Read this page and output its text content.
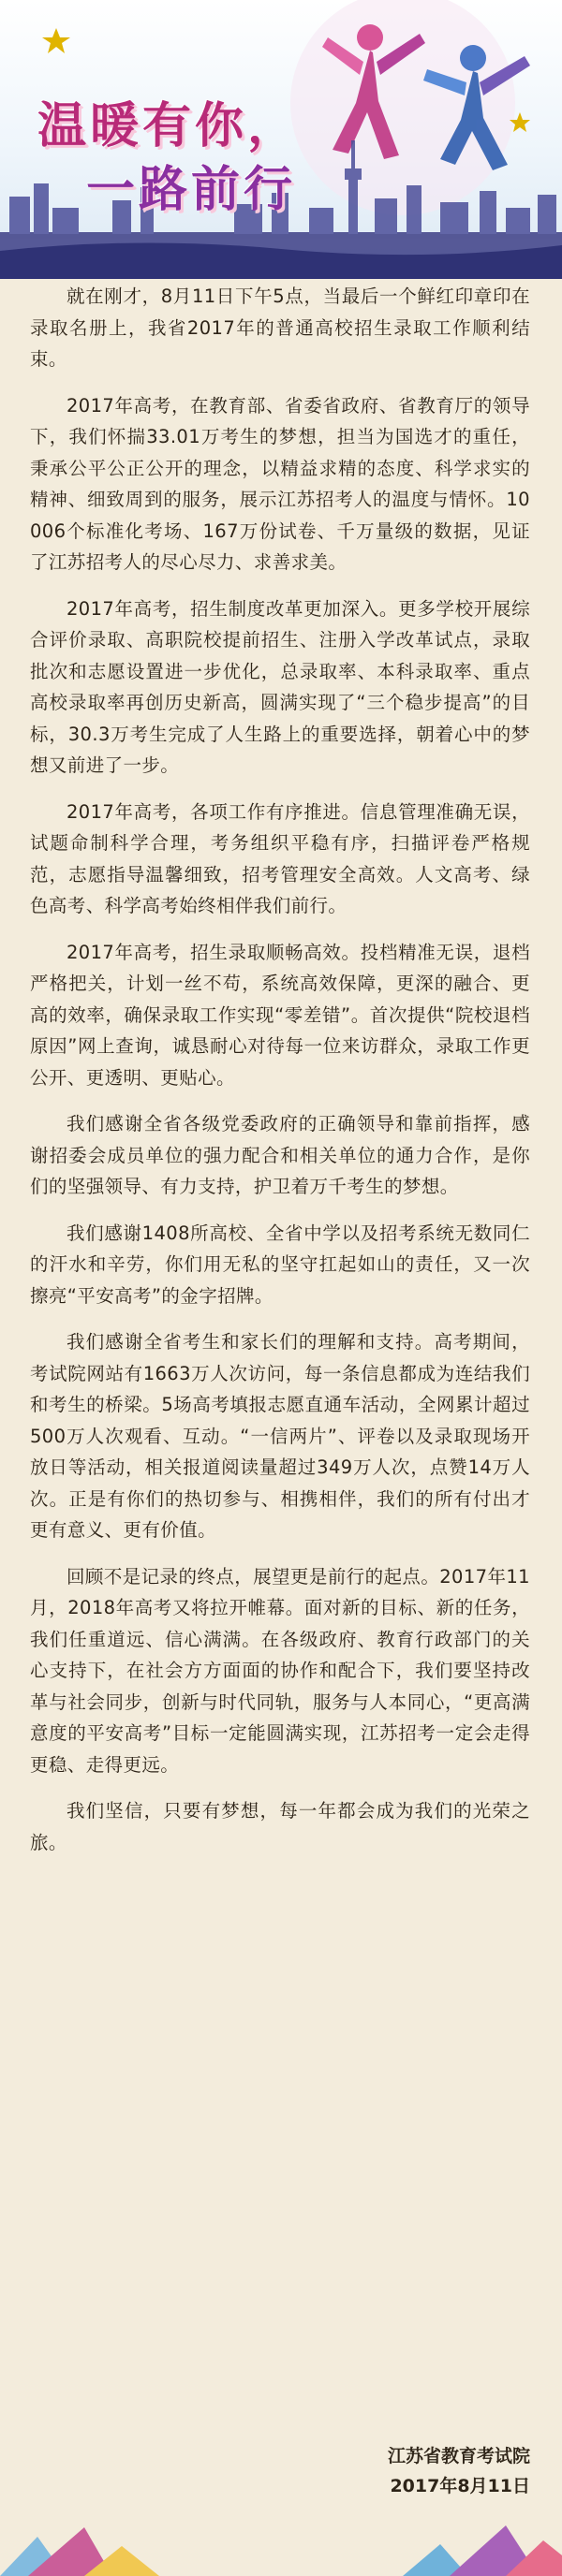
温暖有你，
一路前行

就在刚才，8月11日下午5点，当最后一个鲜红印章印在录取名册上，我省2017年的普通高校招生录取工作顺利结束。

2017年高考，在教育部、省委省政府、省教育厅的领导下，我们怀揣33.01万考生的梦想，担当为国选才的重任，秉承公平公正公开的理念，以精益求精的态度、科学求实的精神、细致周到的服务，展示江苏招考人的温度与情怀。10006个标准化考场、167万份试卷、千万量级的数据，见证了江苏招考人的尽心尽力、求善求美。

2017年高考，招生制度改革更加深入。更多学校开展综合评价录取、高职院校提前招生、注册入学改革试点，录取批次和志愿设置进一步优化，总录取率、本科录取率、重点高校录取率再创历史新高，圆满实现了“三个稳步提高”的目标，30.3万考生完成了人生路上的重要选择，朝着心中的梦想又前进了一步。

2017年高考，各项工作有序推进。信息管理准确无误，试题命制科学合理，考务组织平稳有序，扫描评卷严格规范，志愿指导温馨细致，招考管理安全高效。人文高考、绿色高考、科学高考始终相伴我们前行。

2017年高考，招生录取顺畅高效。投档精准无误，退档严格把关，计划一丝不苟，系统高效保障，更深的融合、更高的效率，确保录取工作实现“零差错”。首次提供“院校退档原因”网上查询，诚恳耐心对待每一位来访群众，录取工作更公开、更透明、更贴心。

我们感谢全省各级党委政府的正确领导和靠前指挥，感谢招委会成员单位的强力配合和相关单位的通力合作，是你们的坚强领导、有力支持，护卫着万千考生的梦想。

我们感谢1408所高校、全省中学以及招考系统无数同仁的汗水和辛劳，你们用无私的坚守扛起如山的责任，又一次擦亮“平安高考”的金字招牌。

我们感谢全省考生和家长们的理解和支持。高考期间，考试院网站有1663万人次访问，每一条信息都成为连结我们和考生的桥梁。5场高考填报志愿直通车活动，全网累计超过500万人次观看、互动。“一信两片”、评卷以及录取现场开放日等活动，相关报道阅读量超过349万人次，点赞14万人次。正是有你们的热切参与、相携相伴，我们的所有付出才更有意义、更有价值。

回顾不是记录的终点，展望更是前行的起点。2017年11月，2018年高考又将拉开帷幕。面对新的目标、新的任务，我们任重道远、信心满满。在各级政府、教育行政部门的关心支持下，在社会方方面面的协作和配合下，我们要坚持改革与社会同步，创新与时代同轨，服务与人本同心，“更高满意度的平安高考”目标一定能圆满实现，江苏招考一定会走得更稳、走得更远。

我们坚信，只要有梦想，每一年都会成为我们的光荣之旅。

江苏省教育考试院
2017年8月11日
